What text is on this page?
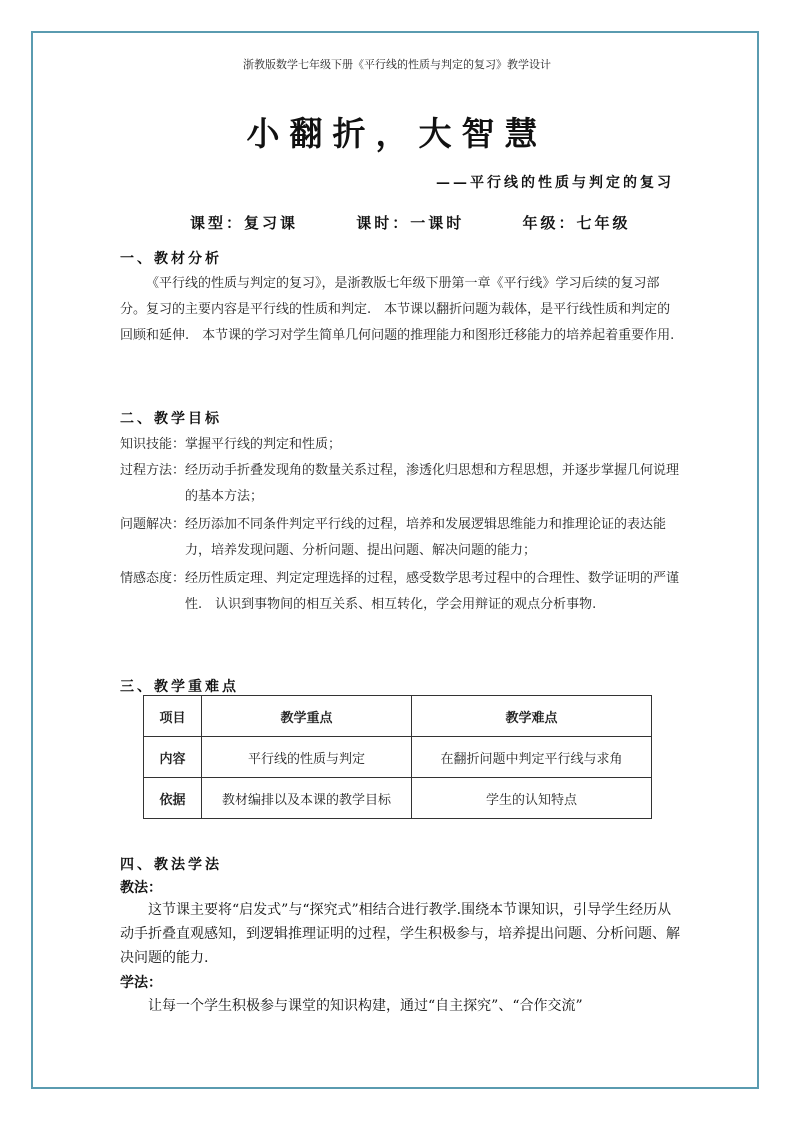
浙教版数学七年级下册《平行线的性质与判定的复习》教学设计
小翻折，大智慧
——平行线的性质与判定的复习
课型：复习课	课时：一课时	年级：七年级
一、教材分析

《平行线的性质与判定的复习》，是浙教版七年级下册第一章《平行线》学习后续的复习部分。复习的主要内容是平行线的性质和判定.　本节课以翻折问题为载体，是平行线性质和判定的回顾和延伸.　本节课的学习对学生简单几何问题的推理能力和图形迁移能力的培养起着重要作用.

二、教学目标
知识技能： 掌握平行线的判定和性质；
过程方法： 经历动手折叠发现角的数量关系过程，渗透化归思想和方程思想，并逐步掌握几何说理的基本方法；
问题解决： 经历添加不同条件判定平行线的过程，培养和发展逻辑思维能力和推理论证的表达能力，培养发现问题、分析问题、提出问题、解决问题的能力；
情感态度： 经历性质定理、判定定理选择的过程，感受数学思考过程中的合理性、数学证明的严谨性.　认识到事物间的相互关系、相互转化，学会用辩证的观点分析事物.
三、教学重难点
项目	教学重点	教学难点
内容	平行线的性质与判定	在翻折问题中判定平行线与求角
依据	教材编排以及本课的教学目标	学生的认知特点
四、教法学法
教法：

这节课主要将“启发式”与“探究式”相结合进行教学.围绕本节课知识，引导学生经历从动手折叠直观感知，到逻辑推理证明的过程，学生积极参与，培养提出问题、分析问题、解决问题的能力.

学法：

让每一个学生积极参与课堂的知识构建，通过“自主探究”、“合作交流”
